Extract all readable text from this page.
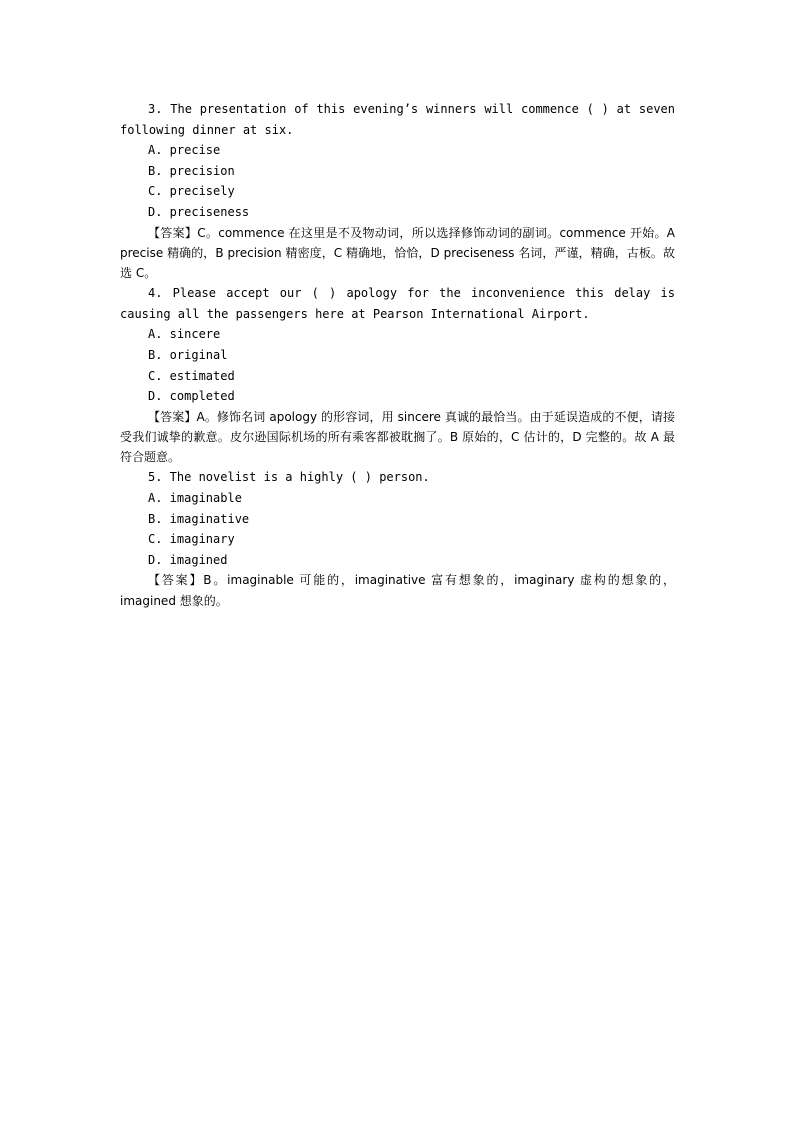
3. The presentation of this evening’s winners will commence ( ) at seven following dinner at six.

A. precise

B. precision

C. precisely

D. preciseness

【答案】C。commence 在这里是不及物动词，所以选择修饰动词的副词。commence 开始。A precise 精确的，B precision 精密度，C 精确地，恰恰，D preciseness 名词，严谨，精确，古板。故选 C。

4. Please accept our ( ) apology for the inconvenience this delay is causing all the passengers here at Pearson International Airport.

A. sincere

B. original

C. estimated

D. completed

【答案】A。修饰名词 apology 的形容词，用 sincere 真诚的最恰当。由于延误造成的不便，请接受我们诚挚的歉意。皮尔逊国际机场的所有乘客都被耽搁了。B 原始的，C 估计的，D 完整的。故 A 最符合题意。

5. The novelist is a highly ( ) person.

A. imaginable

B. imaginative

C. imaginary

D. imagined

【答案】B。imaginable 可能的，imaginative 富有想象的，imaginary 虚构的想象的，imagined 想象的。
